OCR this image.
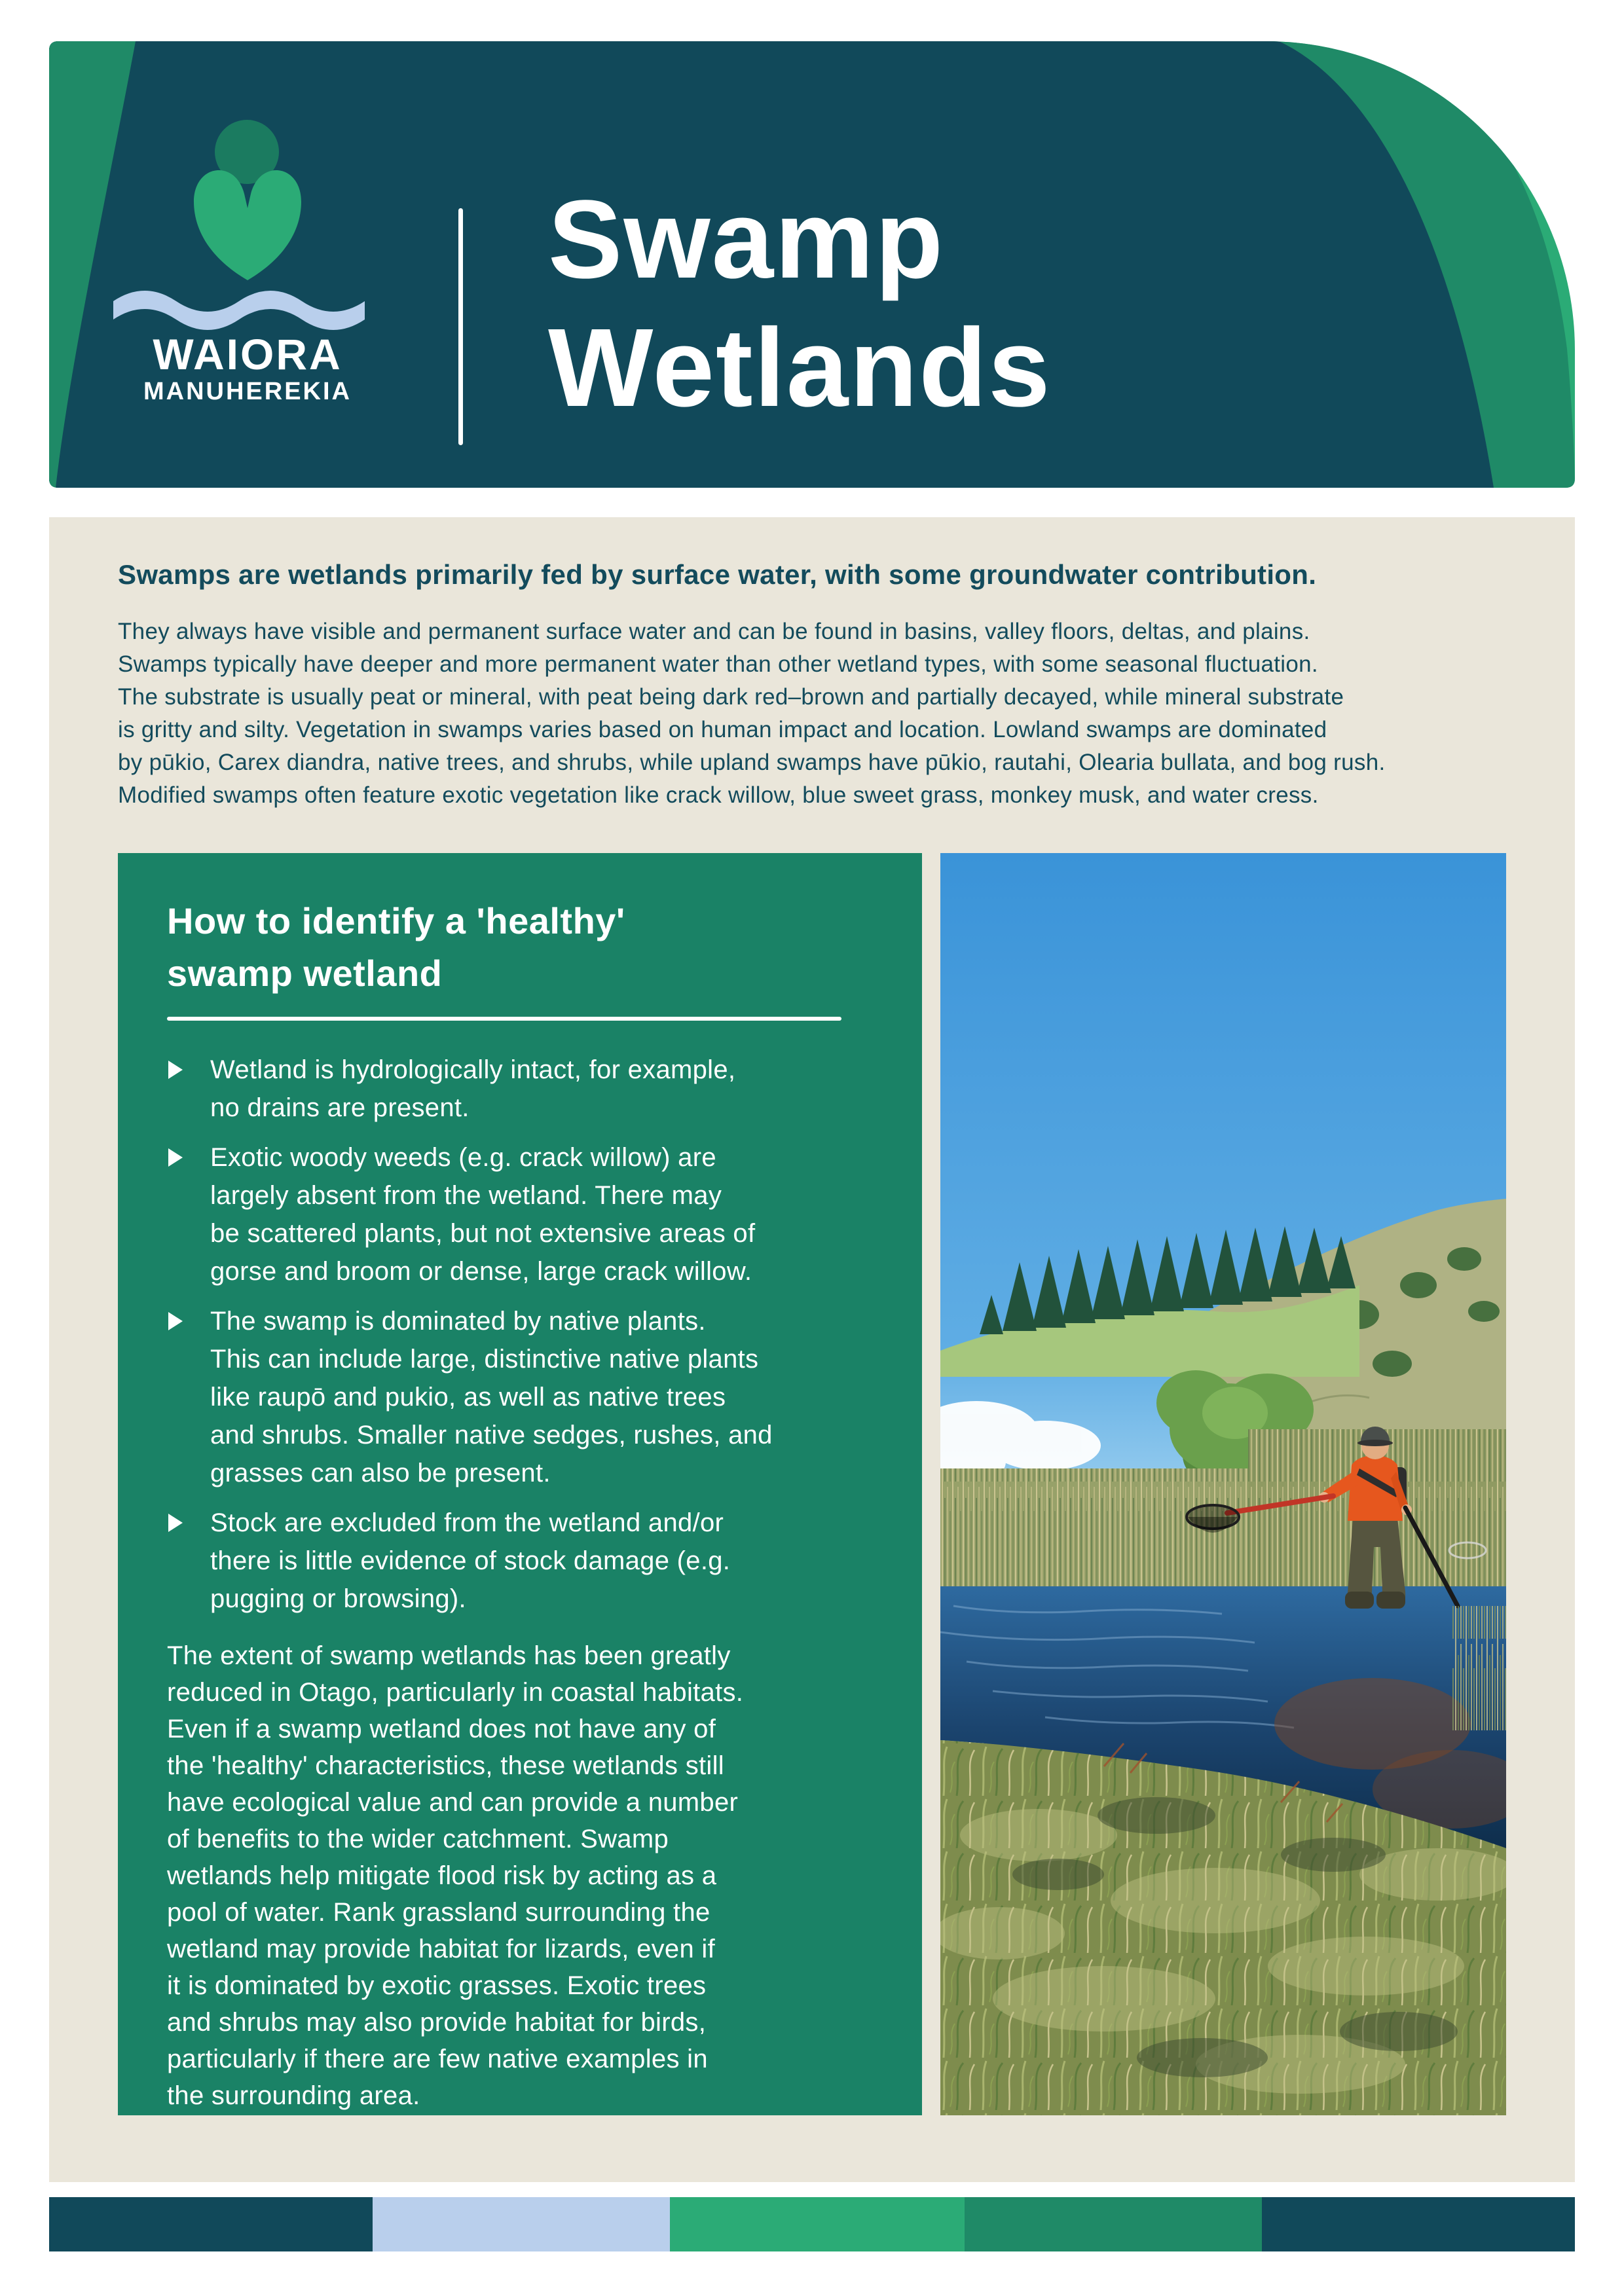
WAIORA
MANUHEREKIA
Swamp
Wetlands
Swamps are wetlands primarily fed by surface water, with some groundwater contribution.
They always have visible and permanent surface water and can be found in basins, valley floors, deltas, and plains.
Swamps typically have deeper and more permanent water than other wetland types, with some seasonal fluctuation.
The substrate is usually peat or mineral, with peat being dark red–brown and partially decayed, while mineral substrate
is gritty and silty. Vegetation in swamps varies based on human impact and location. Lowland swamps are dominated
by pūkio, Carex diandra, native trees, and shrubs, while upland swamps have pūkio, rautahi, Olearia bullata, and bog rush.
Modified swamps often feature exotic vegetation like crack willow, blue sweet grass, monkey musk, and water cress.
How to identify a 'healthy'
swamp wetland
Wetland is hydrologically intact, for example,
no drains are present.
Exotic woody weeds (e.g. crack willow) are
largely absent from the wetland. There may
be scattered plants, but not extensive areas of
gorse and broom or dense, large crack willow.
The swamp is dominated by native plants.
This can include large, distinctive native plants
like raupō and pukio, as well as native trees
and shrubs. Smaller native sedges, rushes, and
grasses can also be present.
Stock are excluded from the wetland and/or
there is little evidence of stock damage (e.g.
pugging or browsing).
The extent of swamp wetlands has been greatly
reduced in Otago, particularly in coastal habitats.
Even if a swamp wetland does not have any of
the 'healthy' characteristics, these wetlands still
have ecological value and can provide a number
of benefits to the wider catchment. Swamp
wetlands help mitigate flood risk by acting as a
pool of water. Rank grassland surrounding the
wetland may provide habitat for lizards, even if
it is dominated by exotic grasses. Exotic trees
and shrubs may also provide habitat for birds,
particularly if there are few native examples in
the surrounding area.
